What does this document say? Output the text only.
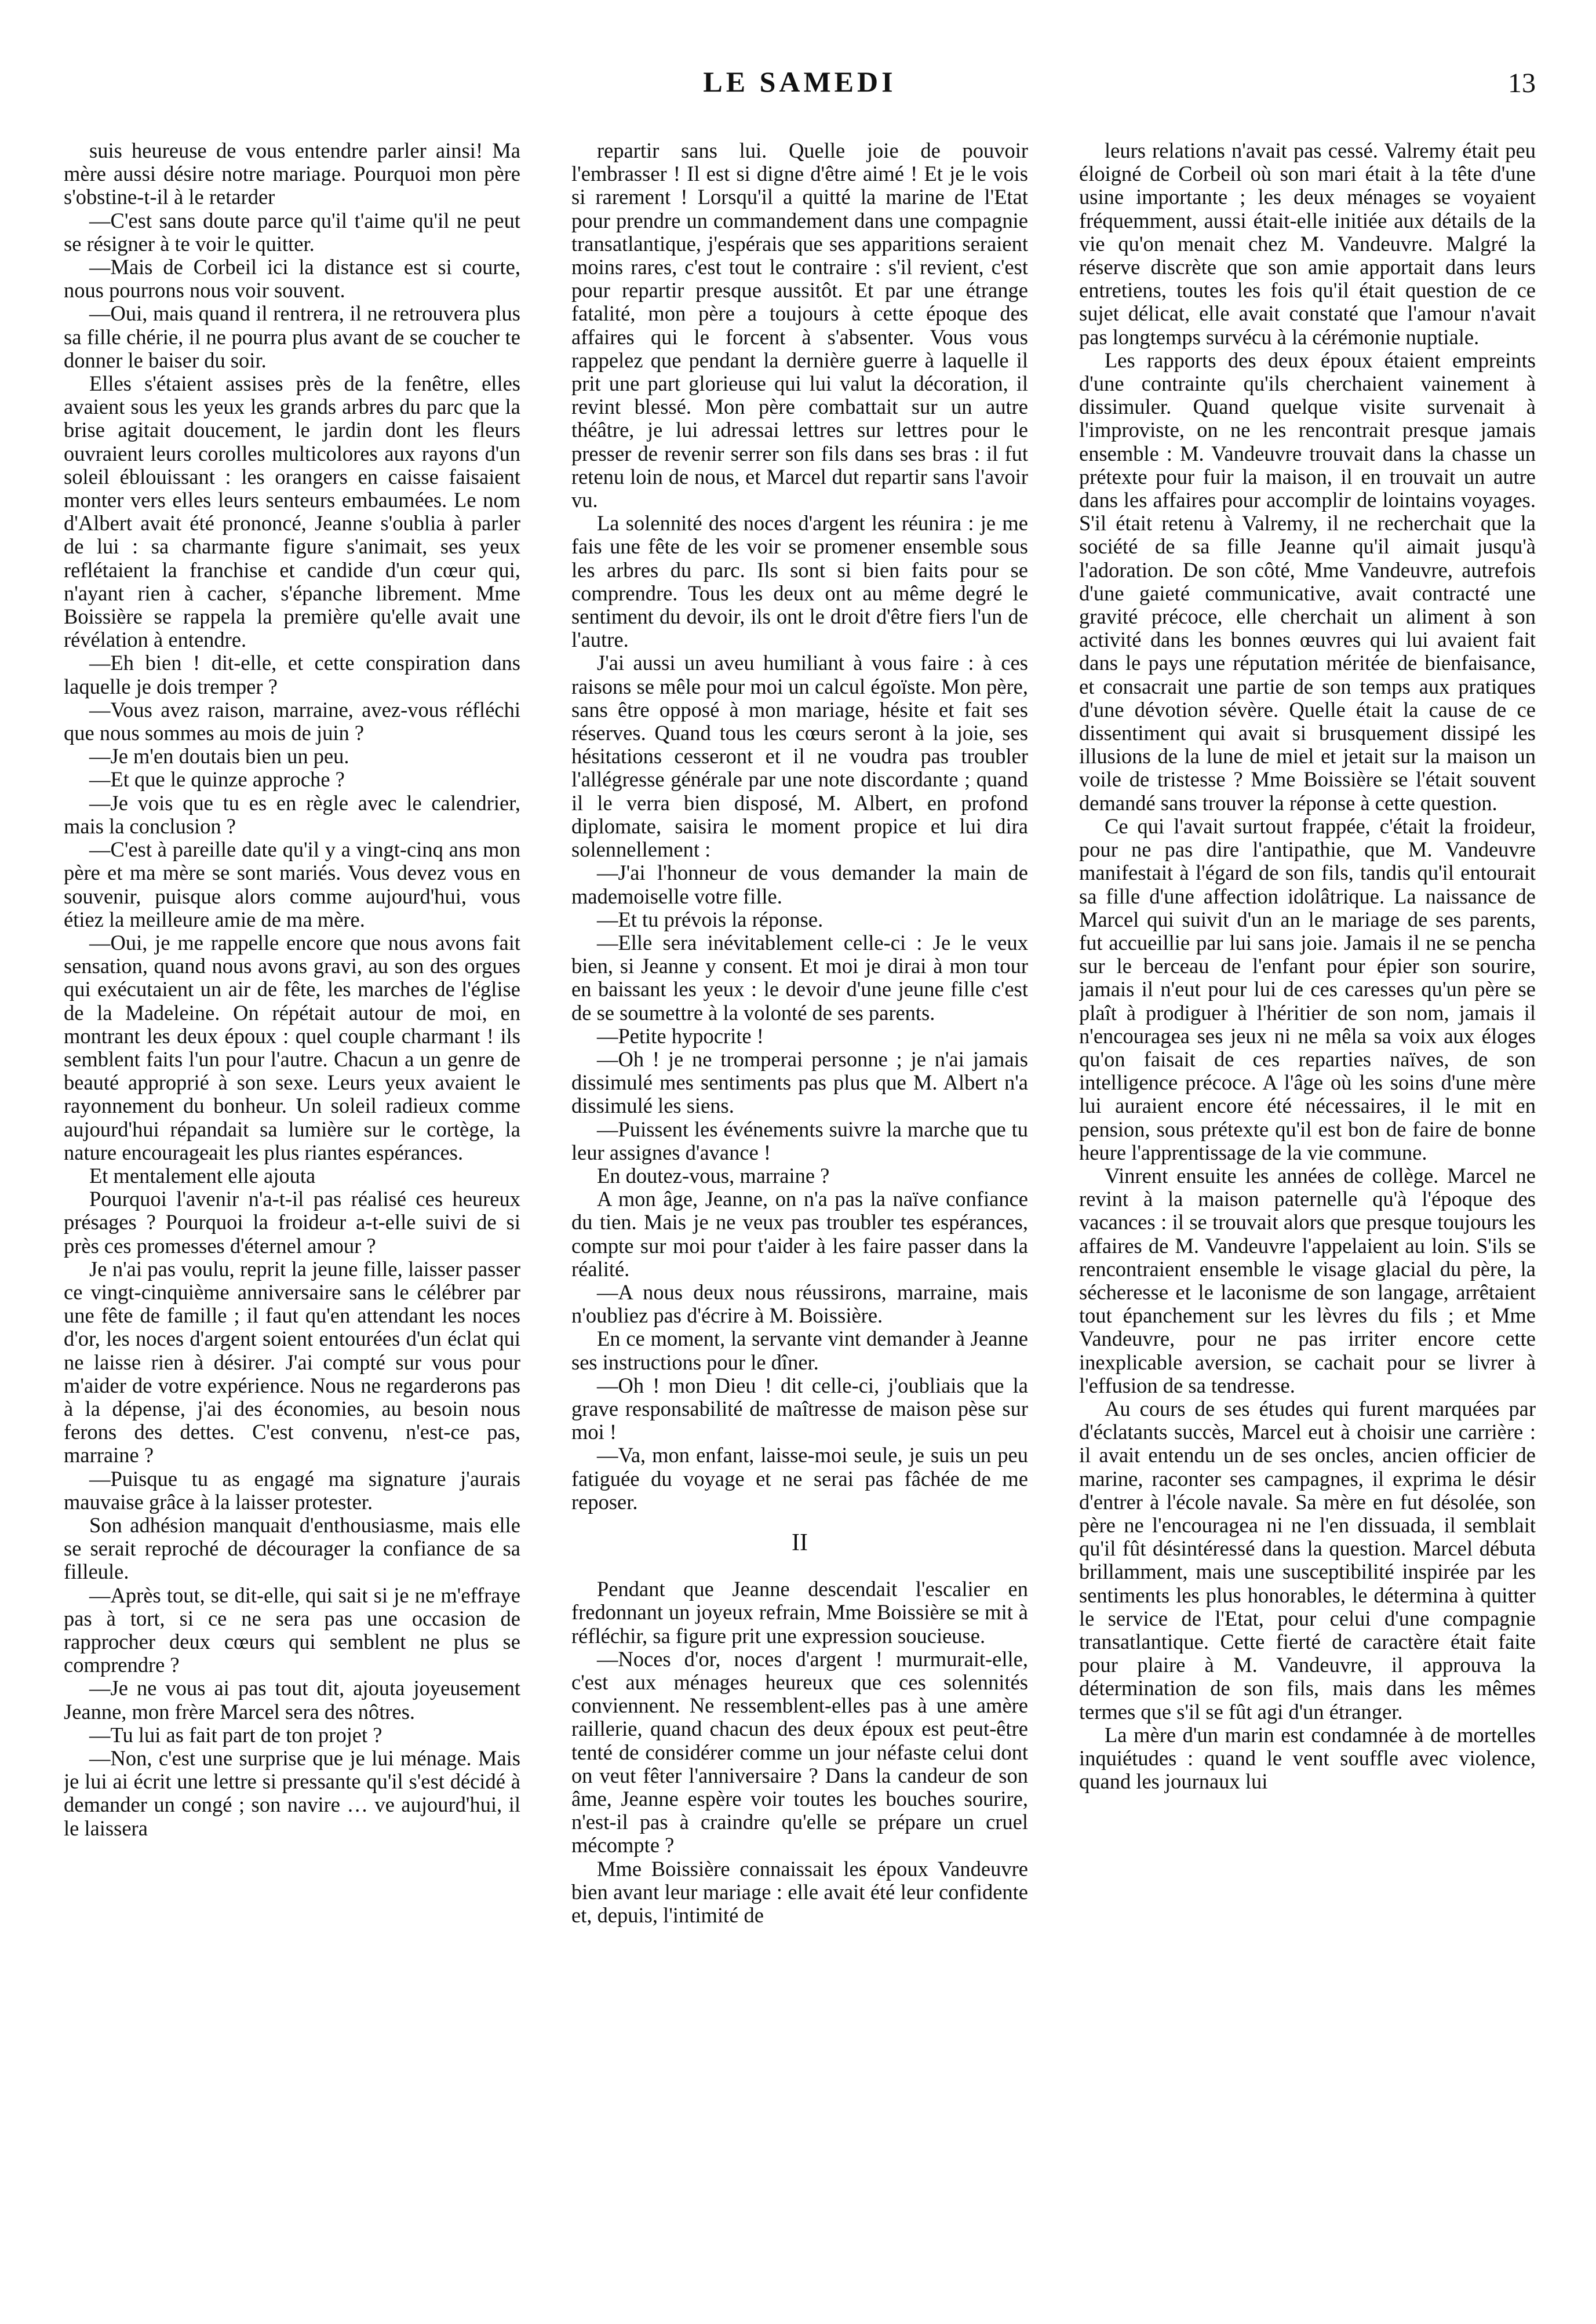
LE SAMEDI	13

suis heureuse de vous entendre parler ainsi! Ma mère aussi désire notre mariage. Pourquoi mon père s'obstine-t-il à le retarder

—C'est sans doute parce qu'il t'aime qu'il ne peut se résigner à te voir le quitter.

—Mais de Corbeil ici la distance est si courte, nous pourrons nous voir souvent.

—Oui, mais quand il rentrera, il ne retrouvera plus sa fille chérie, il ne pourra plus avant de se coucher te donner le baiser du soir.

Elles s'étaient assises près de la fenêtre, elles avaient sous les yeux les grands arbres du parc que la brise agitait doucement, le jardin dont les fleurs ouvraient leurs corolles multicolores aux rayons d'un soleil éblouissant : les orangers en caisse faisaient monter vers elles leurs senteurs embaumées. Le nom d'Albert avait été prononcé, Jeanne s'oublia à parler de lui : sa charmante figure s'animait, ses yeux reflétaient la franchise et candide d'un cœur qui, n'ayant rien à cacher, s'épanche librement. Mme Boissière se rappela la première qu'elle avait une révélation à entendre.

—Eh bien ! dit-elle, et cette conspiration dans laquelle je dois tremper ?

—Vous avez raison, marraine, avez-vous réfléchi que nous sommes au mois de juin ?

—Je m'en doutais bien un peu.

—Et que le quinze approche ?

—Je vois que tu es en règle avec le calendrier, mais la conclusion ?

—C'est à pareille date qu'il y a vingt-cinq ans mon père et ma mère se sont mariés. Vous devez vous en souvenir, puisque alors comme aujourd'hui, vous étiez la meilleure amie de ma mère.

—Oui, je me rappelle encore que nous avons fait sensation, quand nous avons gravi, au son des orgues qui exécutaient un air de fête, les marches de l'église de la Madeleine. On répétait autour de moi, en montrant les deux époux : quel couple charmant ! ils semblent faits l'un pour l'autre. Chacun a un genre de beauté approprié à son sexe. Leurs yeux avaient le rayonnement du bonheur. Un soleil radieux comme aujourd'hui répandait sa lumière sur le cortège, la nature encourageait les plus riantes espérances.

Et mentalement elle ajouta

Pourquoi l'avenir n'a-t-il pas réalisé ces heureux présages ? Pourquoi la froideur a-t-elle suivi de si près ces promesses d'éternel amour ?

Je n'ai pas voulu, reprit la jeune fille, laisser passer ce vingt-cinquième anniversaire sans le célébrer par une fête de famille ; il faut qu'en attendant les noces d'or, les noces d'argent soient entourées d'un éclat qui ne laisse rien à désirer. J'ai compté sur vous pour m'aider de votre expérience. Nous ne regarderons pas à la dépense, j'ai des économies, au besoin nous ferons des dettes. C'est convenu, n'est-ce pas, marraine ?

—Puisque tu as engagé ma signature j'aurais mauvaise grâce à la laisser protester.

Son adhésion manquait d'enthousiasme, mais elle se serait reproché de décourager la confiance de sa filleule.

—Après tout, se dit-elle, qui sait si je ne m'effraye pas à tort, si ce ne sera pas une occasion de rapprocher deux cœurs qui semblent ne plus se comprendre ?

—Je ne vous ai pas tout dit, ajouta joyeusement Jeanne, mon frère Marcel sera des nôtres.

—Tu lui as fait part de ton projet ?

—Non, c'est une surprise que je lui ménage. Mais je lui ai écrit une lettre si pressante qu'il s'est décidé à demander un congé ; son navire … ve aujourd'hui, il le laissera

repartir sans lui. Quelle joie de pouvoir l'embrasser ! Il est si digne d'être aimé ! Et je le vois si rarement ! Lorsqu'il a quitté la marine de l'Etat pour prendre un commandement dans une compagnie transatlantique, j'espérais que ses apparitions seraient moins rares, c'est tout le contraire : s'il revient, c'est pour repartir presque aussitôt. Et par une étrange fatalité, mon père a toujours à cette époque des affaires qui le forcent à s'absenter. Vous vous rappelez que pendant la dernière guerre à laquelle il prit une part glorieuse qui lui valut la décoration, il revint blessé. Mon père combattait sur un autre théâtre, je lui adressai lettres sur lettres pour le presser de revenir serrer son fils dans ses bras : il fut retenu loin de nous, et Marcel dut repartir sans l'avoir vu.

La solennité des noces d'argent les réunira : je me fais une fête de les voir se promener ensemble sous les arbres du parc. Ils sont si bien faits pour se comprendre. Tous les deux ont au même degré le sentiment du devoir, ils ont le droit d'être fiers l'un de l'autre.

J'ai aussi un aveu humiliant à vous faire : à ces raisons se mêle pour moi un calcul égoïste. Mon père, sans être opposé à mon mariage, hésite et fait ses réserves. Quand tous les cœurs seront à la joie, ses hésitations cesseront et il ne voudra pas troubler l'allégresse générale par une note discordante ; quand il le verra bien disposé, M. Albert, en profond diplomate, saisira le moment propice et lui dira solennellement :

—J'ai l'honneur de vous demander la main de mademoiselle votre fille.

—Et tu prévois la réponse.

—Elle sera inévitablement celle-ci : Je le veux bien, si Jeanne y consent. Et moi je dirai à mon tour en baissant les yeux : le devoir d'une jeune fille c'est de se soumettre à la volonté de ses parents.

—Petite hypocrite !

—Oh ! je ne tromperai personne ; je n'ai jamais dissimulé mes sentiments pas plus que M. Albert n'a dissimulé les siens.

—Puissent les événements suivre la marche que tu leur assignes d'avance !

En doutez-vous, marraine ?

A mon âge, Jeanne, on n'a pas la naïve confiance du tien. Mais je ne veux pas troubler tes espérances, compte sur moi pour t'aider à les faire passer dans la réalité.

—A nous deux nous réussirons, marraine, mais n'oubliez pas d'écrire à M. Boissière.

En ce moment, la servante vint demander à Jeanne ses instructions pour le dîner.

—Oh ! mon Dieu ! dit celle-ci, j'oubliais que la grave responsabilité de maîtresse de maison pèse sur moi !

—Va, mon enfant, laisse-moi seule, je suis un peu fatiguée du voyage et ne serai pas fâchée de me reposer.

II

Pendant que Jeanne descendait l'escalier en fredonnant un joyeux refrain, Mme Boissière se mit à réfléchir, sa figure prit une expression soucieuse.

—Noces d'or, noces d'argent ! murmurait-elle, c'est aux ménages heureux que ces solennités conviennent. Ne ressemblent-elles pas à une amère raillerie, quand chacun des deux époux est peut-être tenté de considérer comme un jour néfaste celui dont on veut fêter l'anniversaire ? Dans la candeur de son âme, Jeanne espère voir toutes les bouches sourire, n'est-il pas à craindre qu'elle se prépare un cruel mécompte ?

Mme Boissière connaissait les époux Vandeuvre bien avant leur mariage : elle avait été leur confidente et, depuis, l'intimité de

leurs relations n'avait pas cessé. Valremy était peu éloigné de Corbeil où son mari était à la tête d'une usine importante ; les deux ménages se voyaient fréquemment, aussi était-elle initiée aux détails de la vie qu'on menait chez M. Vandeuvre. Malgré la réserve discrète que son amie apportait dans leurs entretiens, toutes les fois qu'il était question de ce sujet délicat, elle avait constaté que l'amour n'avait pas longtemps survécu à la cérémonie nuptiale.

Les rapports des deux époux étaient empreints d'une contrainte qu'ils cherchaient vainement à dissimuler. Quand quelque visite survenait à l'improviste, on ne les rencontrait presque jamais ensemble : M. Vandeuvre trouvait dans la chasse un prétexte pour fuir la maison, il en trouvait un autre dans les affaires pour accomplir de lointains voyages. S'il était retenu à Valremy, il ne recherchait que la société de sa fille Jeanne qu'il aimait jusqu'à l'adoration. De son côté, Mme Vandeuvre, autrefois d'une gaieté communicative, avait contracté une gravité précoce, elle cherchait un aliment à son activité dans les bonnes œuvres qui lui avaient fait dans le pays une réputation méritée de bienfaisance, et consacrait une partie de son temps aux pratiques d'une dévotion sévère. Quelle était la cause de ce dissentiment qui avait si brusquement dissipé les illusions de la lune de miel et jetait sur la maison un voile de tristesse ? Mme Boissière se l'était souvent demandé sans trouver la réponse à cette question.

Ce qui l'avait surtout frappée, c'était la froideur, pour ne pas dire l'antipathie, que M. Vandeuvre manifestait à l'égard de son fils, tandis qu'il entourait sa fille d'une affection idolâtrique. La naissance de Marcel qui suivit d'un an le mariage de ses parents, fut accueillie par lui sans joie. Jamais il ne se pencha sur le berceau de l'enfant pour épier son sourire, jamais il n'eut pour lui de ces caresses qu'un père se plaît à prodiguer à l'héritier de son nom, jamais il n'encouragea ses jeux ni ne mêla sa voix aux éloges qu'on faisait de ces reparties naïves, de son intelligence précoce. A l'âge où les soins d'une mère lui auraient encore été nécessaires, il le mit en pension, sous prétexte qu'il est bon de faire de bonne heure l'apprentissage de la vie commune.

Vinrent ensuite les années de collège. Marcel ne revint à la maison paternelle qu'à l'époque des vacances : il se trouvait alors que presque toujours les affaires de M. Vandeuvre l'appelaient au loin. S'ils se rencontraient ensemble le visage glacial du père, la sécheresse et le laconisme de son langage, arrêtaient tout épanchement sur les lèvres du fils ; et Mme Vandeuvre, pour ne pas irriter encore cette inexplicable aversion, se cachait pour se livrer à l'effusion de sa tendresse.

Au cours de ses études qui furent marquées par d'éclatants succès, Marcel eut à choisir une carrière : il avait entendu un de ses oncles, ancien officier de marine, raconter ses campagnes, il exprima le désir d'entrer à l'école navale. Sa mère en fut désolée, son père ne l'encouragea ni ne l'en dissuada, il semblait qu'il fût désintéressé dans la question. Marcel débuta brillamment, mais une susceptibilité inspirée par les sentiments les plus honorables, le détermina à quitter le service de l'Etat, pour celui d'une compagnie transatlantique. Cette fierté de caractère était faite pour plaire à M. Vandeuvre, il approuva la détermination de son fils, mais dans les mêmes termes que s'il se fût agi d'un étranger.

La mère d'un marin est condamnée à de mortelles inquiétudes : quand le vent souffle avec violence, quand les journaux lui
